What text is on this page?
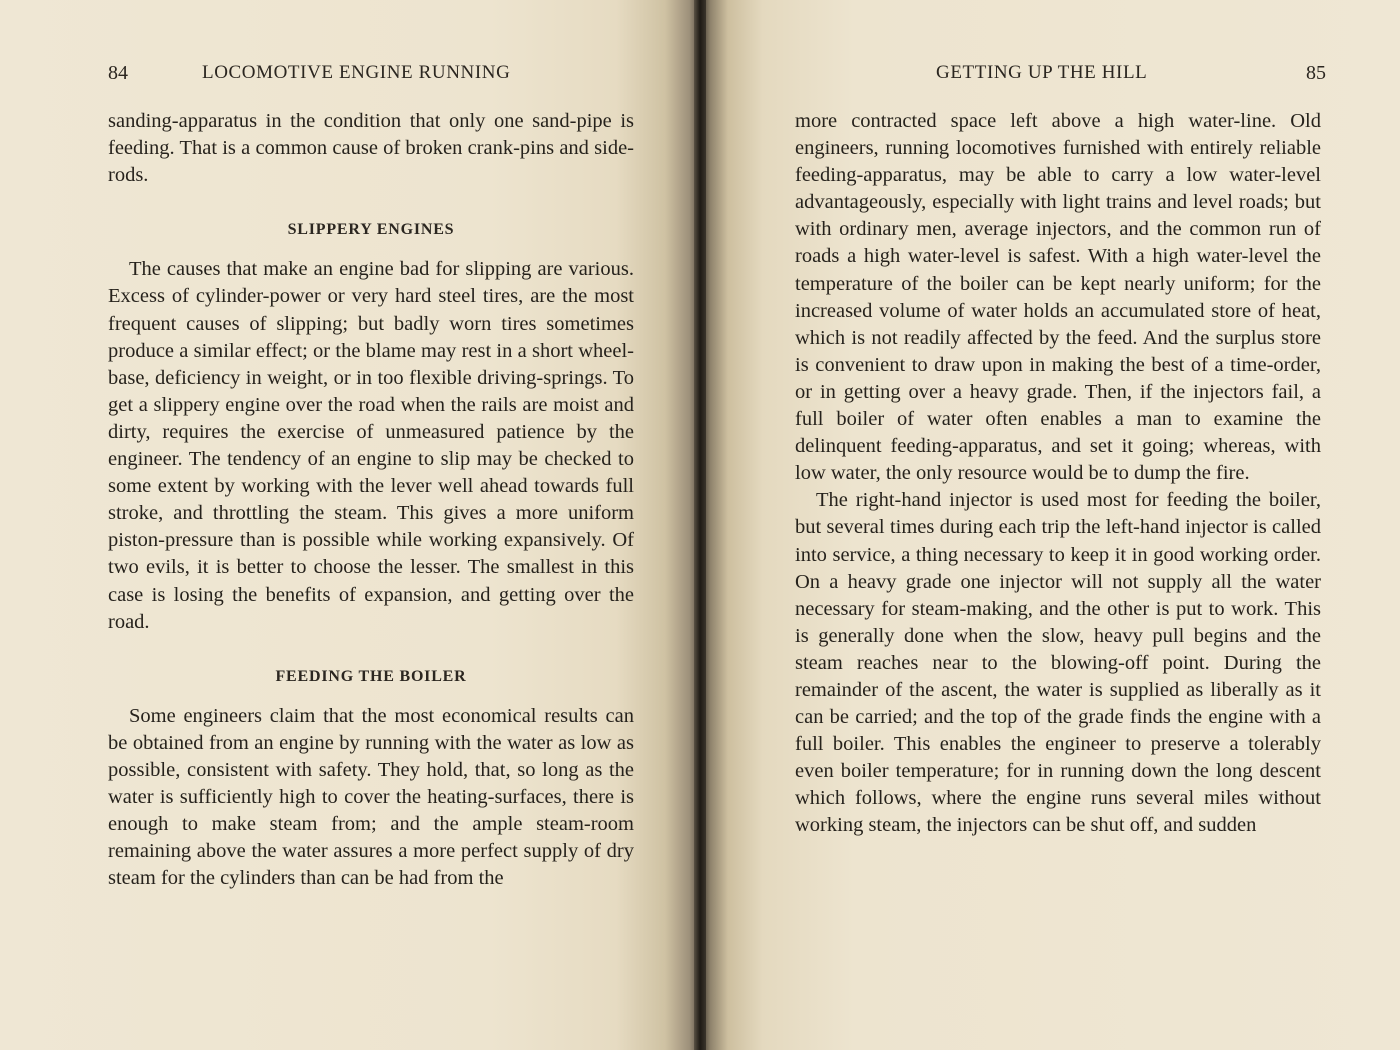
84	LOCOMOTIVE ENGINE RUNNING

sanding-apparatus in the condition that only one sand-pipe is feeding. That is a common cause of broken crank-pins and side-rods.

SLIPPERY ENGINES

The causes that make an engine bad for slipping are various. Excess of cylinder-power or very hard steel tires, are the most frequent causes of slipping; but badly worn tires sometimes produce a similar effect; or the blame may rest in a short wheel-base, deficiency in weight, or in too flexible driving-springs. To get a slippery engine over the road when the rails are moist and dirty, requires the exercise of unmeasured patience by the engineer. The tendency of an engine to slip may be checked to some extent by working with the lever well ahead towards full stroke, and throttling the steam. This gives a more uniform piston-pressure than is possible while working expansively. Of two evils, it is better to choose the lesser. The smallest in this case is losing the benefits of expansion, and getting over the road.

FEEDING THE BOILER

Some engineers claim that the most economical results can be obtained from an engine by running with the water as low as possible, consistent with safety. They hold, that, so long as the water is sufficiently high to cover the heating-surfaces, there is enough to make steam from; and the ample steam-room remaining above the water assures a more perfect supply of dry steam for the cylinders than can be had from the

GETTING UP THE HILL	85

more contracted space left above a high water-line. Old engineers, running locomotives furnished with entirely reliable feeding-apparatus, may be able to carry a low water-level advantageously, especially with light trains and level roads; but with ordinary men, average injectors, and the common run of roads a high water-level is safest. With a high water-level the temperature of the boiler can be kept nearly uniform; for the increased volume of water holds an accumulated store of heat, which is not readily affected by the feed. And the surplus store is convenient to draw upon in making the best of a time-order, or in getting over a heavy grade. Then, if the injectors fail, a full boiler of water often enables a man to examine the delinquent feeding-apparatus, and set it going; whereas, with low water, the only resource would be to dump the fire.

The right-hand injector is used most for feeding the boiler, but several times during each trip the left-hand injector is called into service, a thing necessary to keep it in good working order. On a heavy grade one injector will not supply all the water necessary for steam-making, and the other is put to work. This is generally done when the slow, heavy pull begins and the steam reaches near to the blowing-off point. During the remainder of the ascent, the water is supplied as liberally as it can be carried; and the top of the grade finds the engine with a full boiler. This enables the engineer to preserve a tolerably even boiler temperature; for in running down the long descent which follows, where the engine runs several miles without working steam, the injectors can be shut off, and sudden
